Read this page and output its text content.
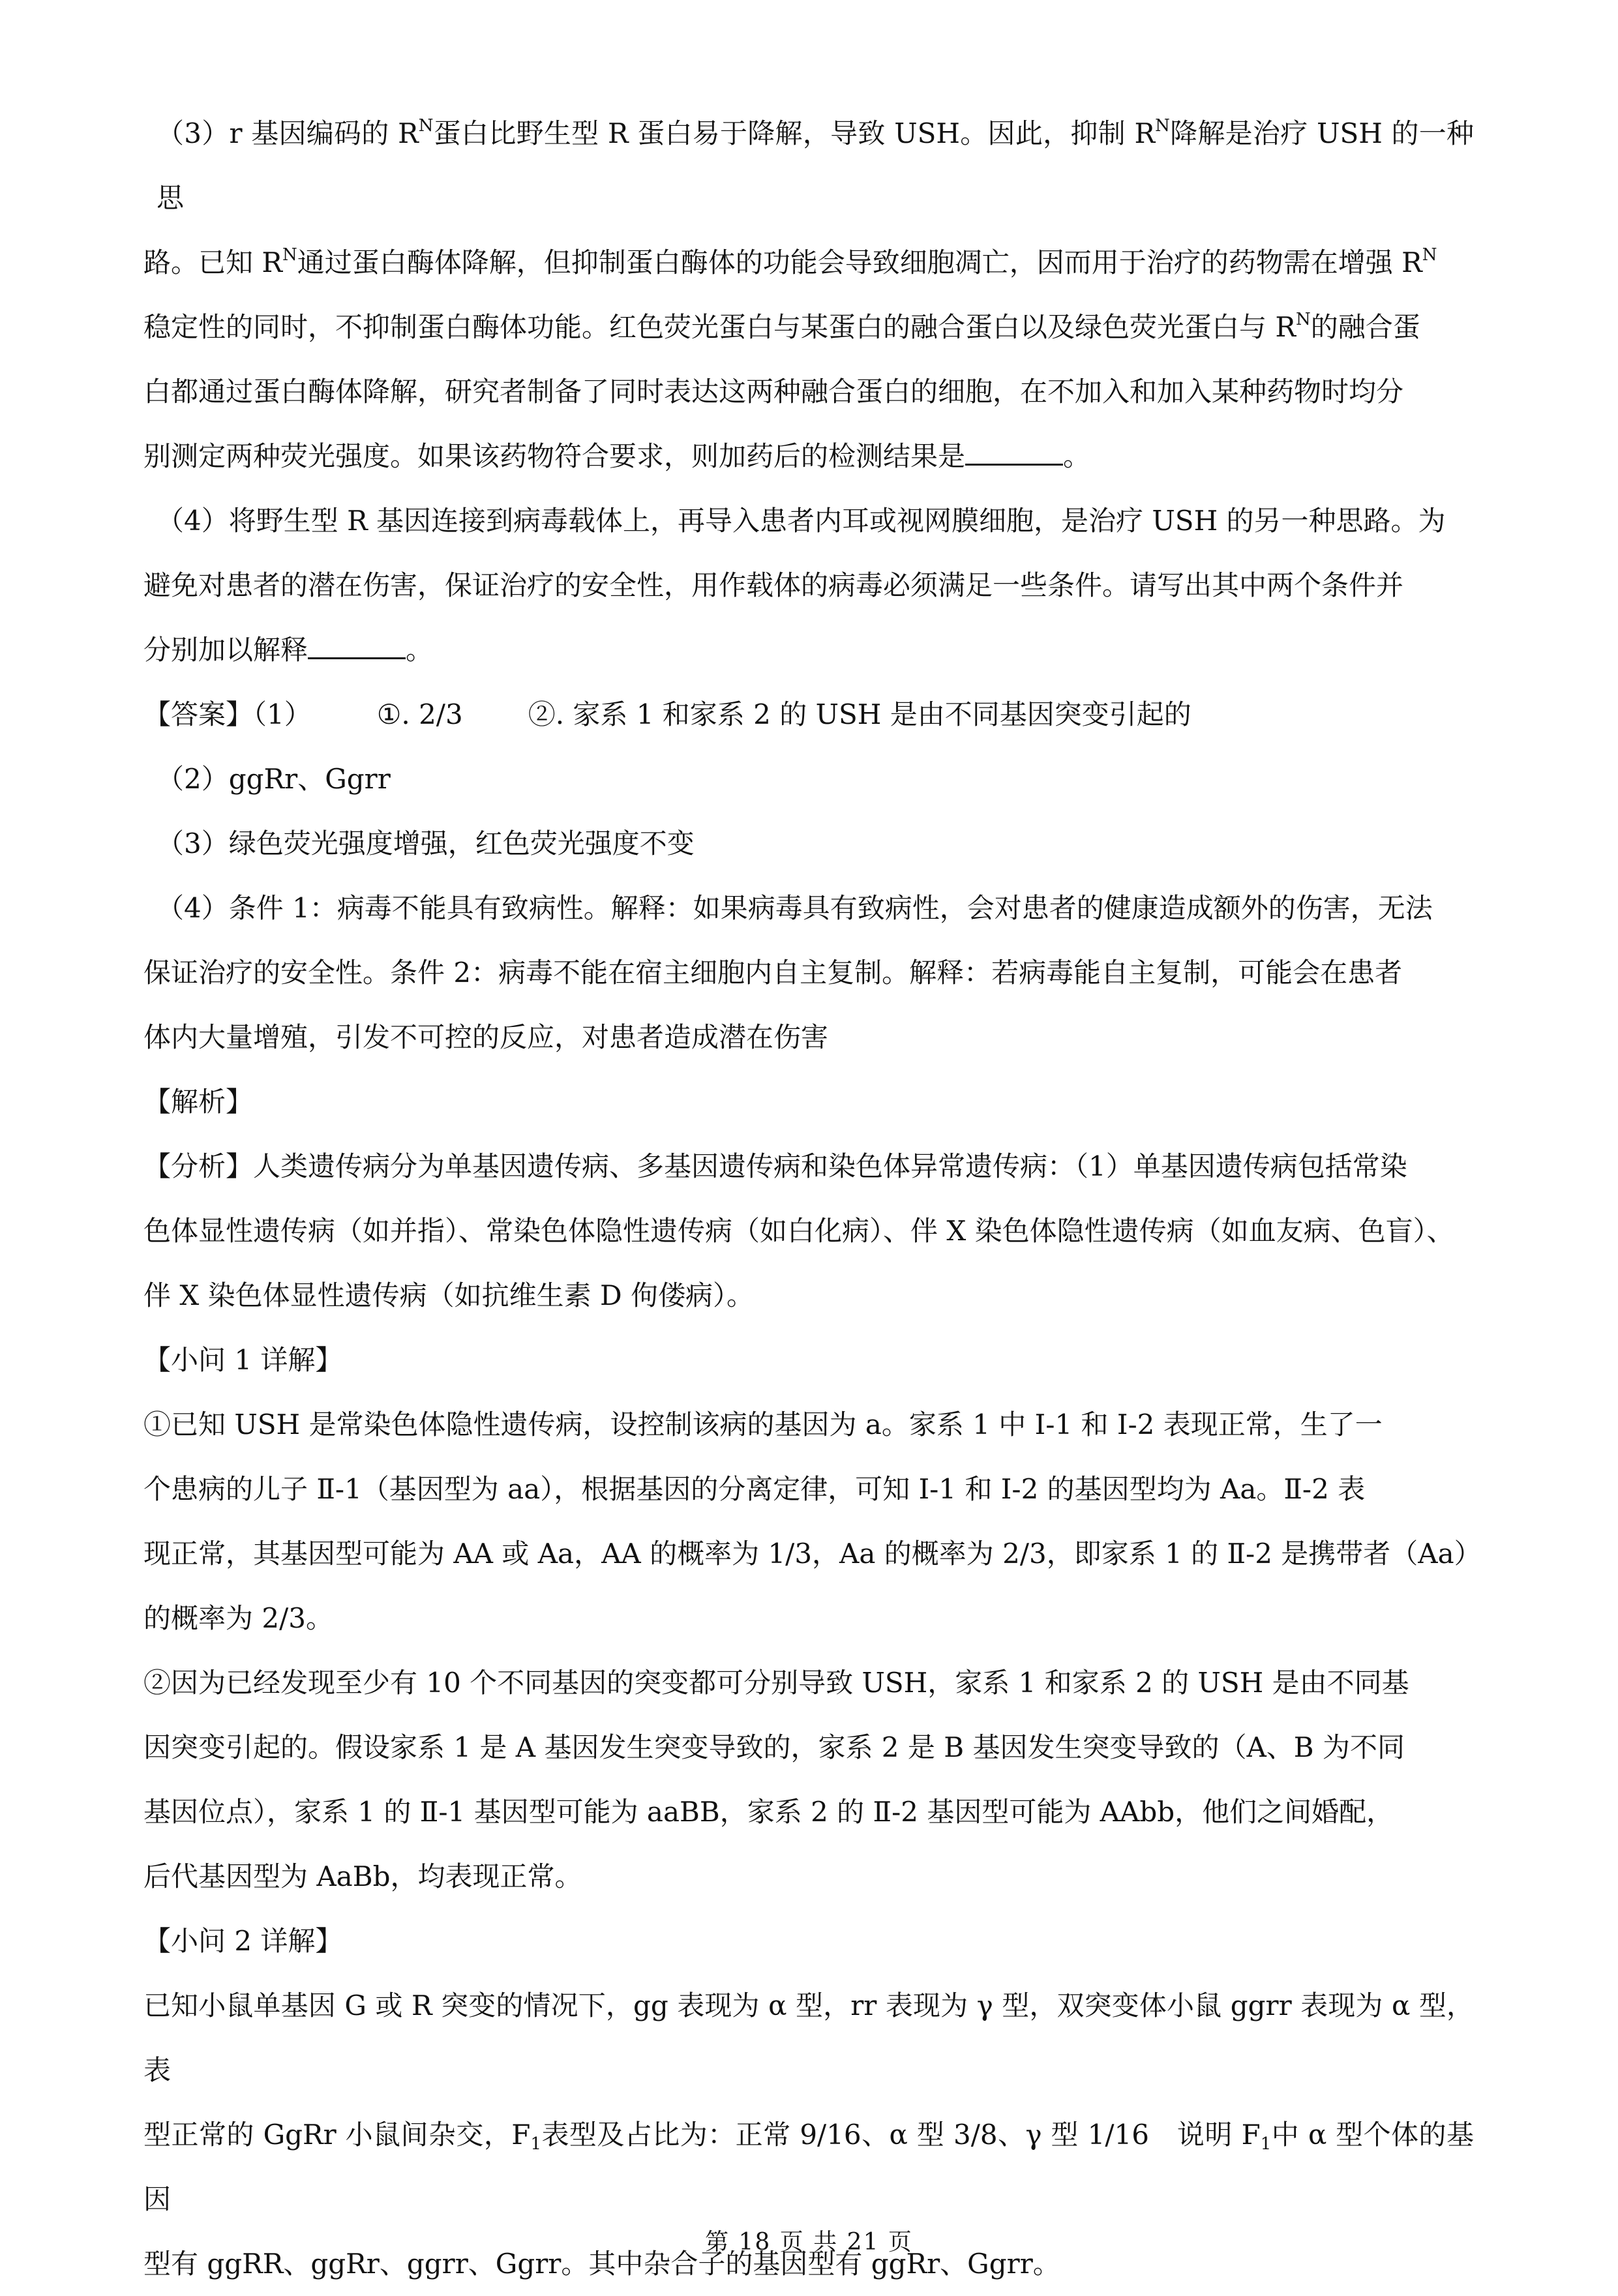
（3）r 基因编码的 $R^N$蛋白比野生型 R 蛋白易于降解，导致 USH。因此，抑制 $R^N$降解是治疗 USH 的一种思

路。已知 $R^N$通过蛋白酶体降解，但抑制蛋白酶体的功能会导致细胞凋亡，因而用于治疗的药物需在增强 $R^N$

稳定性的同时，不抑制蛋白酶体功能。红色荧光蛋白与某蛋白的融合蛋白以及绿色荧光蛋白与 $R^N$的融合蛋

白都通过蛋白酶体降解，研究者制备了同时表达这两种融合蛋白的细胞，在不加入和加入某种药物时均分

别测定两种荧光强度。如果该药物符合要求，则加药后的检测结果是	。

（4）将野生型 R 基因连接到病毒载体上，再导入患者内耳或视网膜细胞，是治疗 USH 的另一种思路。为

避免对患者的潜在伤害，保证治疗的安全性，用作载体的病毒必须满足一些条件。请写出其中两个条件并

分别加以解释	。

【答案】（1） ①. 2/3 ②. 家系 1 和家系 2 的 USH 是由不同基因突变引起的

（2）ggRr、Ggrr

（3）绿色荧光强度增强，红色荧光强度不变

（4）条件 1：病毒不能具有致病性。解释：如果病毒具有致病性，会对患者的健康造成额外的伤害，无法

保证治疗的安全性。条件 2：病毒不能在宿主细胞内自主复制。解释：若病毒能自主复制，可能会在患者

体内大量增殖，引发不可控的反应，对患者造成潜在伤害

【解析】

【分析】人类遗传病分为单基因遗传病、多基因遗传病和染色体异常遗传病：（1）单基因遗传病包括常染

色体显性遗传病（如并指）、常染色体隐性遗传病（如白化病）、伴 X 染色体隐性遗传病（如血友病、色盲）、

伴 X 染色体显性遗传病（如抗维生素 D 佝偻病）。

【小问 1 详解】

①已知 USH 是常染色体隐性遗传病，设控制该病的基因为 a。家系 1 中 Ⅰ-1 和 Ⅰ-2 表现正常，生了一

个患病的儿子 Ⅱ-1（基因型为 aa），根据基因的分离定律，可知 Ⅰ-1 和 Ⅰ-2 的基因型均为 Aa。Ⅱ-2 表

现正常，其基因型可能为 AA 或 Aa，AA 的概率为 1/3，Aa 的概率为 2/3，即家系 1 的 Ⅱ-2 是携带者（Aa）

的概率为 2/3。

②因为已经发现至少有 10 个不同基因的突变都可分别导致 USH，家系 1 和家系 2 的 USH 是由不同基

因突变引起的。假设家系 1 是 A 基因发生突变导致的，家系 2 是 B 基因发生突变导致的（A、B 为不同

基因位点），家系 1 的 Ⅱ-1 基因型可能为 aaBB，家系 2 的 Ⅱ-2 基因型可能为 AAbb，他们之间婚配，

后代基因型为 AaBb，均表现正常。

【小问 2 详解】

已知小鼠单基因 G 或 R 突变的情况下，gg 表现为 α 型，rr 表现为 γ 型，双突变体小鼠 ggrr 表现为 α 型，表

型正常的 GgRr 小鼠间杂交，$F_1$表型及占比为：正常 9/16、α 型 3/8、γ 型 1/16　说明 $F_1$中 α 型个体的基因

型有 ggRR、ggRr、ggrr、Ggrr。其中杂合子的基因型有 ggRr、Ggrr。

第 18 页 共 21 页
